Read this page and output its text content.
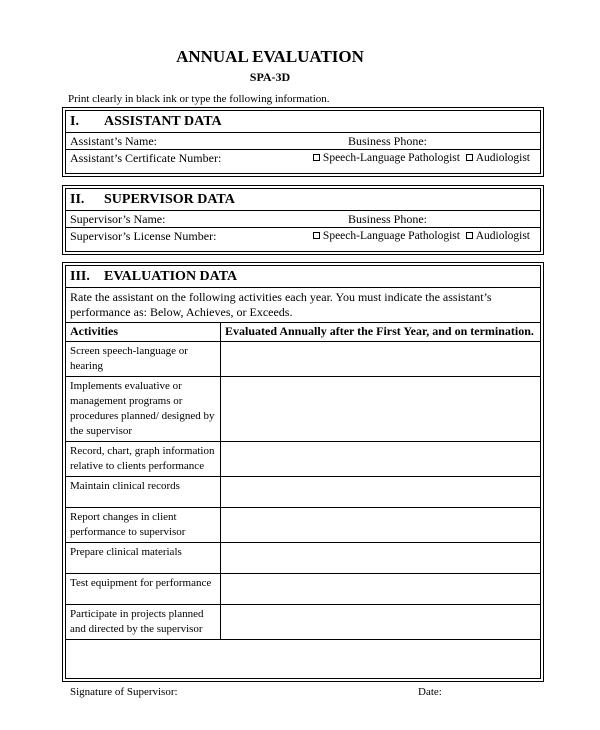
ANNUAL EVALUATION
SPA-3D
Print clearly in black ink or type the following information.
I. ASSISTANT DATA
Assistant’s Name:	Business Phone:
Assistant’s Certificate Number:	Speech-Language Pathologist Audiologist
II. SUPERVISOR DATA
Supervisor’s Name:	Business Phone:
Supervisor’s License Number:	Speech-Language Pathologist Audiologist
III. EVALUATION DATA
Rate the assistant on the following activities each year. You must indicate the assistant’s performance as: Below, Achieves, or Exceeds.
Activities	Evaluated Annually after the First Year, and on termination.
Screen speech-language or hearing	
Implements evaluative or management programs or procedures planned/ designed by the supervisor	
Record, chart, graph information relative to clients performance	
Maintain clinical records	
Report changes in client performance to supervisor	
Prepare clinical materials	
Test equipment for performance	
Participate in projects planned and directed by the supervisor	
Signature of Supervisor:	Date:
